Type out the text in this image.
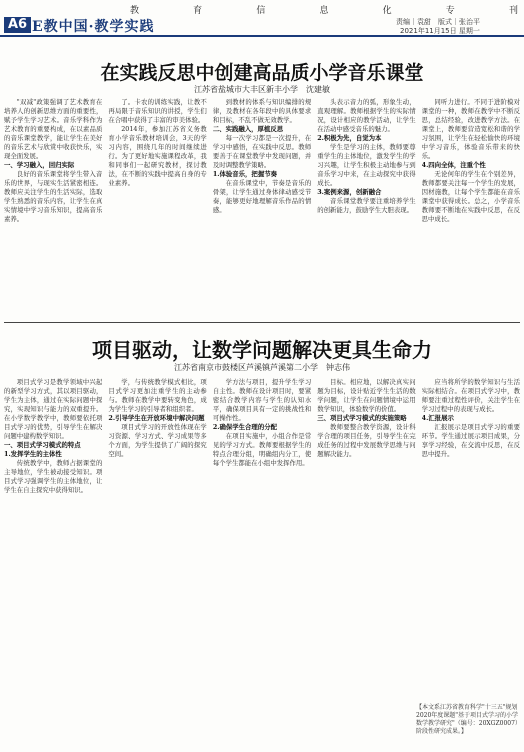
教	育	信	息	化	专	刊
A6 E教中国·教学实践	责编｜袁甜　版式｜张治平
2021年11月15日 星期一
在实践反思中创建高品质小学音乐课堂
江苏省盐城市大丰区新丰小学　沈建敏

"双减"政策强调了艺术教育在培养人的创新思维方面的重要性，赋予学生学习艺术。音乐学科作为艺术教育的重要构成，在以素品质的音乐课堂教学，能让学生在美好的音乐艺术与欣赏中收获快乐，实现全面发展。

一、学习融入，回归实际

良好的音乐课堂将学生带入音乐的世界，与现实生活紧密相连。教师应关注学生的生活实际，选取学生熟悉的音乐内容，让学生在真实情境中学习音乐知识，提高音乐素养。

了。卡农的训练实践，让教不再局限于音乐知识的讲授，学生们在合唱中获得了丰富的审美体验。

2014年，参加江苏省义务教育小学音乐教材培训会，3天的学习内容，围绕几年的时间继续进行。为了更好地实施课程改革，我和同事们一起研究教材，探讨教法，在不断的实践中提高自身的专业素养。

到教材的体系与知识编排的规律，及教材在各年段中的具体要求和目标，不乱不做无效教学。

二、实践融入，厚植反思

每一次学习都是一次提升，在学习中感悟，在实践中反思。教师要善于在课堂教学中发现问题，并及时调整教学策略。

1.体验音乐，把握节奏

在音乐课堂中，节奏是音乐的骨架，让学生通过身体律动感受节奏，能够更好地理解音乐作品的情感。

头表示音力的弧，形象生动，直观理解。教师根据学生的实际情况，设计相应的教学活动，让学生在活动中感受音乐的魅力。

2.积极为先，自觉为本

学生是学习的主体，教师要尊重学生的主体地位，激发学生的学习兴趣，让学生积极主动地参与到音乐学习中来，在主动探究中获得成长。

3.案例来源，创新融合

音乐课堂教学要注重培养学生的创新能力，鼓励学生大胆表现。

同听力进行。不同于进阶模对课堂的一种，教师在教学中不断反思，总结经验，改进教学方法。在课堂上，教师要营造宽松和谐的学习氛围，让学生在轻松愉快的环境中学习音乐，体验音乐带来的快乐。

4.四向全体，注重个性

无论何年的学生在个别差异，教师都要关注每一个学生的发展，因材施教，让每个学生都能在音乐课堂中获得成长。总之，小学音乐教师要不断地在实践中反思，在反思中成长。

项目驱动，让数学问题解决更具生命力
江苏省南京市鼓楼区芦溪镇芦溪第二小学　钟志伟

项目式学习是教学领域中兴起的新型学习方式，其以项目驱动，学生为主体，通过在实际问题中探究，实现知识与能力的双重提升。在小学数学教学中，教师要依托项目式学习的优势，引导学生在解决问题中建构数学知识。

一、项目式学习模式的特点

1.发挥学生的主体性

传统教学中，教师占据课堂的主导地位，学生被动接受知识。项目式学习强调学生的主体地位，让学生在自主探究中获得知识。

学，与传统教学模式相比，项目式学习更加注重学生的主动参与。教师在教学中要转变角色，成为学生学习的引导者和组织者。

2.引导学生在开放环境中解决问题

项目式学习的开放性体现在学习资源、学习方式、学习成果等多个方面，为学生提供了广阔的探究空间。

学方法与项目，提升学生学习自主性。教师在设计项目时，要紧密结合教学内容与学生的认知水平，确保项目具有一定的挑战性和可操作性。

2.确保学生合理的分配

在项目实施中，小组合作是常见的学习方式。教师要根据学生的特点合理分组，明确组内分工，使每个学生都能在小组中发挥作用。

目标。相应地，以解决真实问题为目标，设计贴近学生生活的数学问题，让学生在问题情境中运用数学知识，体验数学的价值。

三、项目式学习模式的实施策略

教师要整合教学资源，设计科学合理的项目任务，引导学生在完成任务的过程中发展数学思维与问题解决能力。

应当将所学的数学知识与生活实际相结合。在项目式学习中，教师要注重过程性评价，关注学生在学习过程中的表现与成长。

4.汇报展示

汇报展示是项目式学习的重要环节。学生通过展示项目成果，分享学习经验，在交流中反思，在反思中提升。

【本文系江苏省教育科学"十三五"规划2020年度课题"基于项目式学习的小学数学教学研究"（编号：20XGZ0007）阶段性研究成果。】
